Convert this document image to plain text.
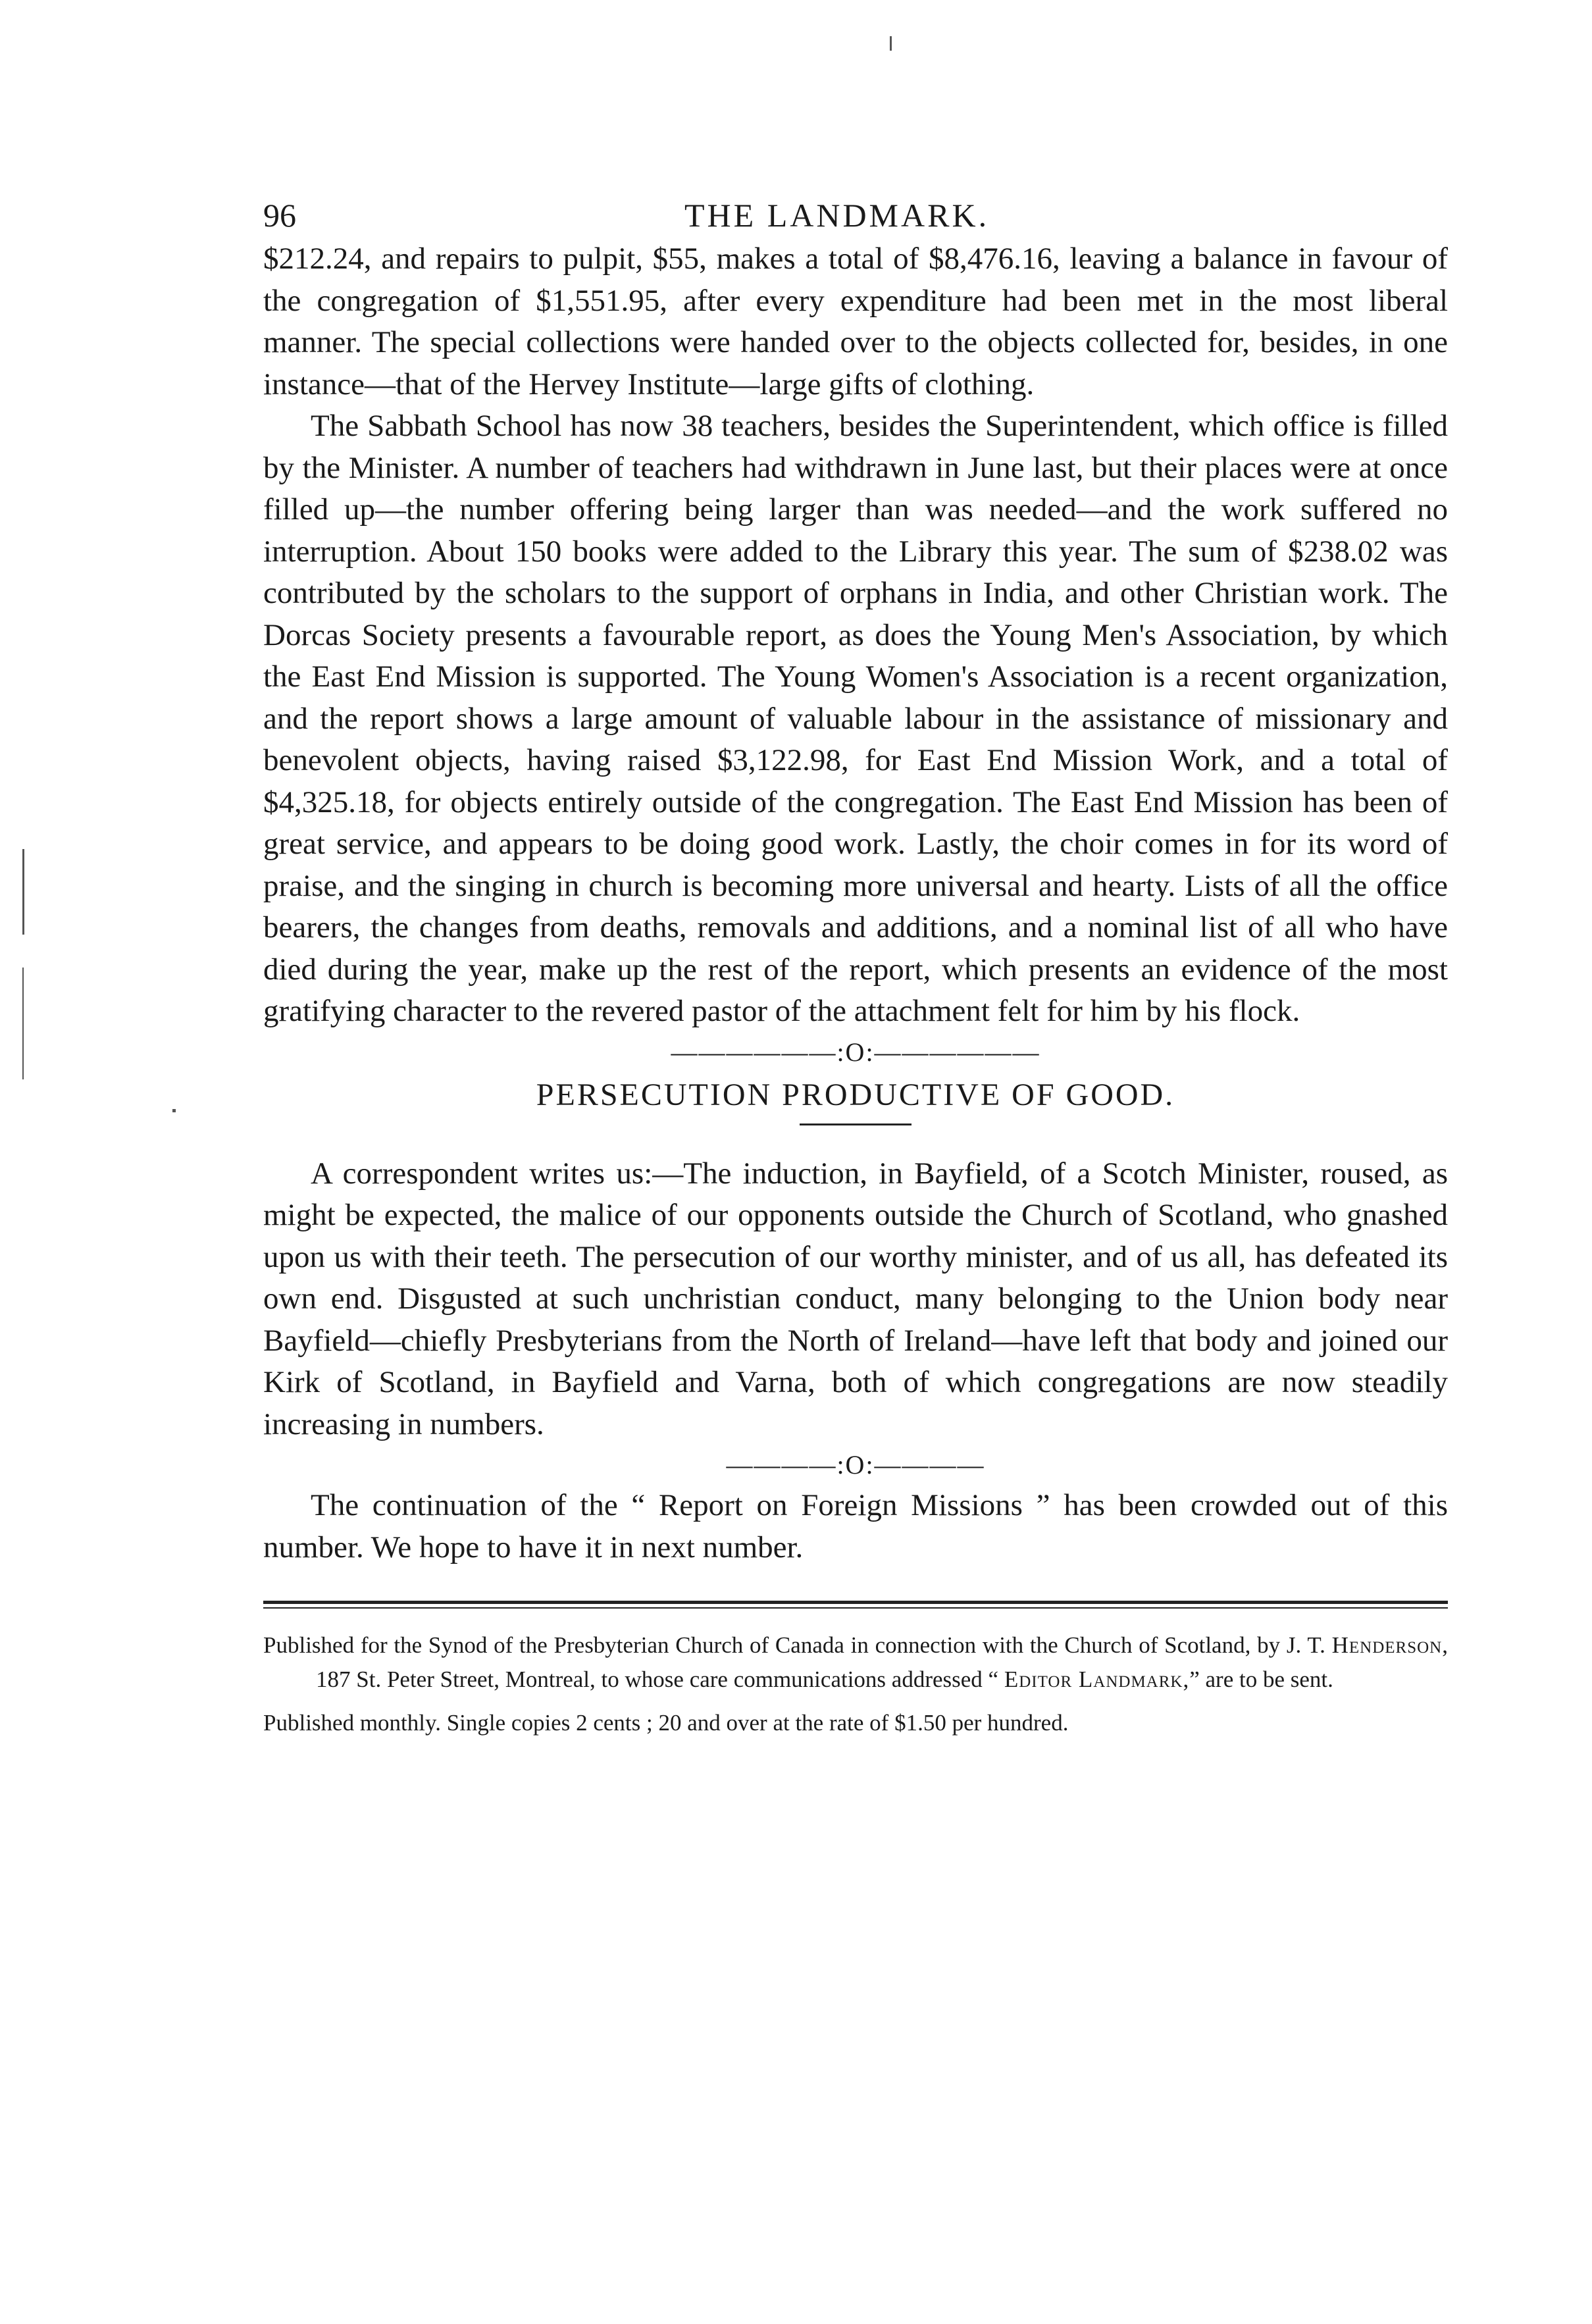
96	THE LANDMARK.

$212.24, and repairs to pulpit, $55, makes a total of $8,476.16, leaving a balance in favour of the congregation of $1,551.95, after every expenditure had been met in the most liberal manner. The special collections were handed over to the objects collected for, besides, in one instance—that of the Hervey Institute—large gifts of clothing.

The Sabbath School has now 38 teachers, besides the Superintendent, which office is filled by the Minister. A number of teachers had withdrawn in June last, but their places were at once filled up—the number offering being larger than was needed—and the work suffered no interruption. About 150 books were added to the Library this year. The sum of $238.02 was contributed by the scholars to the support of orphans in India, and other Christian work. The Dorcas Society presents a favourable report, as does the Young Men's Association, by which the East End Mission is supported. The Young Women's Association is a recent organization, and the report shows a large amount of valuable labour in the assistance of missionary and benevolent objects, having raised $3,122.98, for East End Mission Work, and a total of $4,325.18, for objects entirely outside of the congregation. The East End Mission has been of great service, and appears to be doing good work. Lastly, the choir comes in for its word of praise, and the singing in church is becoming more universal and hearty. Lists of all the office bearers, the changes from deaths, removals and additions, and a nominal list of all who have died during the year, make up the rest of the report, which presents an evidence of the most gratifying character to the revered pastor of the attachment felt for him by his flock.

——————:O:——————

PERSECUTION PRODUCTIVE OF GOOD.

A correspondent writes us:—The induction, in Bayfield, of a Scotch Minister, roused, as might be expected, the malice of our opponents outside the Church of Scotland, who gnashed upon us with their teeth. The persecution of our worthy minister, and of us all, has defeated its own end. Disgusted at such unchristian conduct, many belonging to the Union body near Bayfield—chiefly Presbyterians from the North of Ireland—have left that body and joined our Kirk of Scotland, in Bayfield and Varna, both of which congregations are now steadily increasing in numbers.

————:O:————

The continuation of the “ Report on Foreign Missions ” has been crowded out of this number. We hope to have it in next number.

Published for the Synod of the Presbyterian Church of Canada in connection with the Church of Scotland, by J. T. Henderson, 187 St. Peter Street, Montreal, to whose care communications addressed “ Editor Landmark,” are to be sent.

Published monthly. Single copies 2 cents ; 20 and over at the rate of $1.50 per hundred.
